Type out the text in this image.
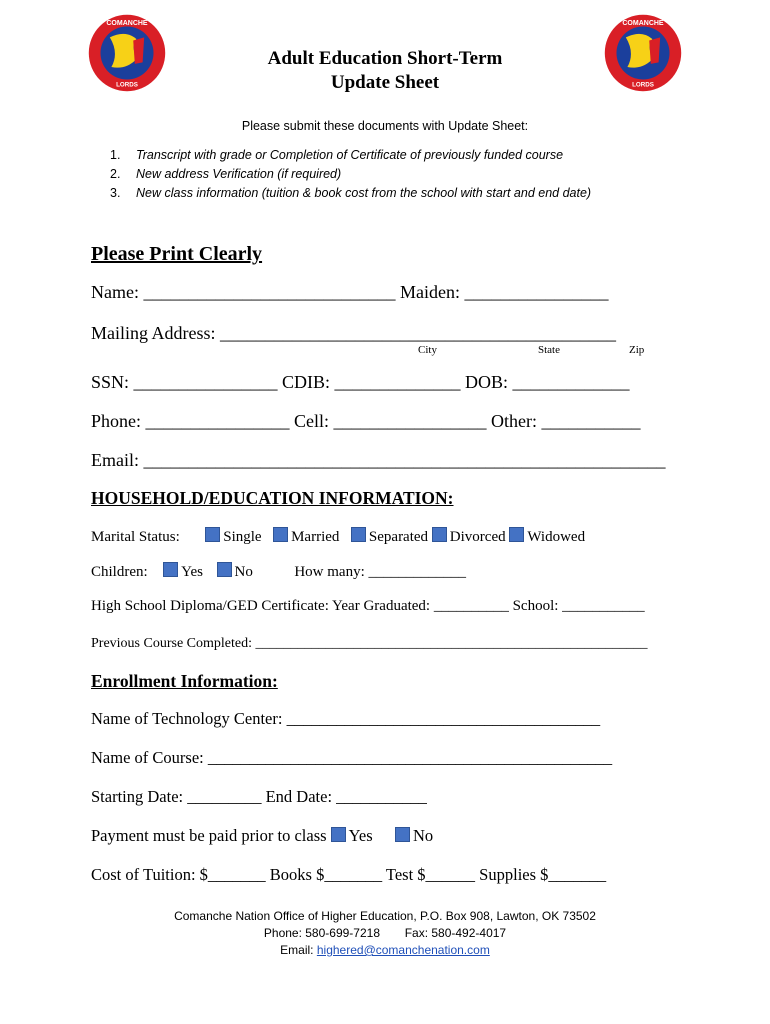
COMANCHE
LORDS
COMANCHE
LORDS
Adult Education Short-Term
Update Sheet
Please submit these documents with Update Sheet:
1. Transcript with grade or Completion of Certificate of previously funded course
2. New address Verification (if required)
3. New class information (tuition & book cost from the school with start and end date)
Please Print Clearly
Name: ____________________________ Maiden: ________________
Mailing Address: ____________________________________________
City	State	Zip
SSN: ________________ CDIB: ______________ DOB: _____________
Phone: ________________ Cell: _________________ Other: ___________
Email: __________________________________________________________
HOUSEHOLD/EDUCATION INFORMATION:
Marital Status:	Single Married Separated Divorced Widowed
Children: Yes No	How many: _____________
High School Diploma/GED Certificate: Year Graduated: __________ School: ___________
Previous Course Completed: ________________________________________________________
Enrollment Information:
Name of Technology Center: ______________________________________
Name of Course: _________________________________________________
Starting Date: _________ End Date: ___________
Payment must be paid prior to class Yes No
Cost of Tuition: $_______ Books $_______ Test $______ Supplies $_______
Comanche Nation Office of Higher Education, P.O. Box 908, Lawton, OK 73502
Phone: 580-699-7218 Fax: 580-492-4017
Email: highered@comanchenation.com
